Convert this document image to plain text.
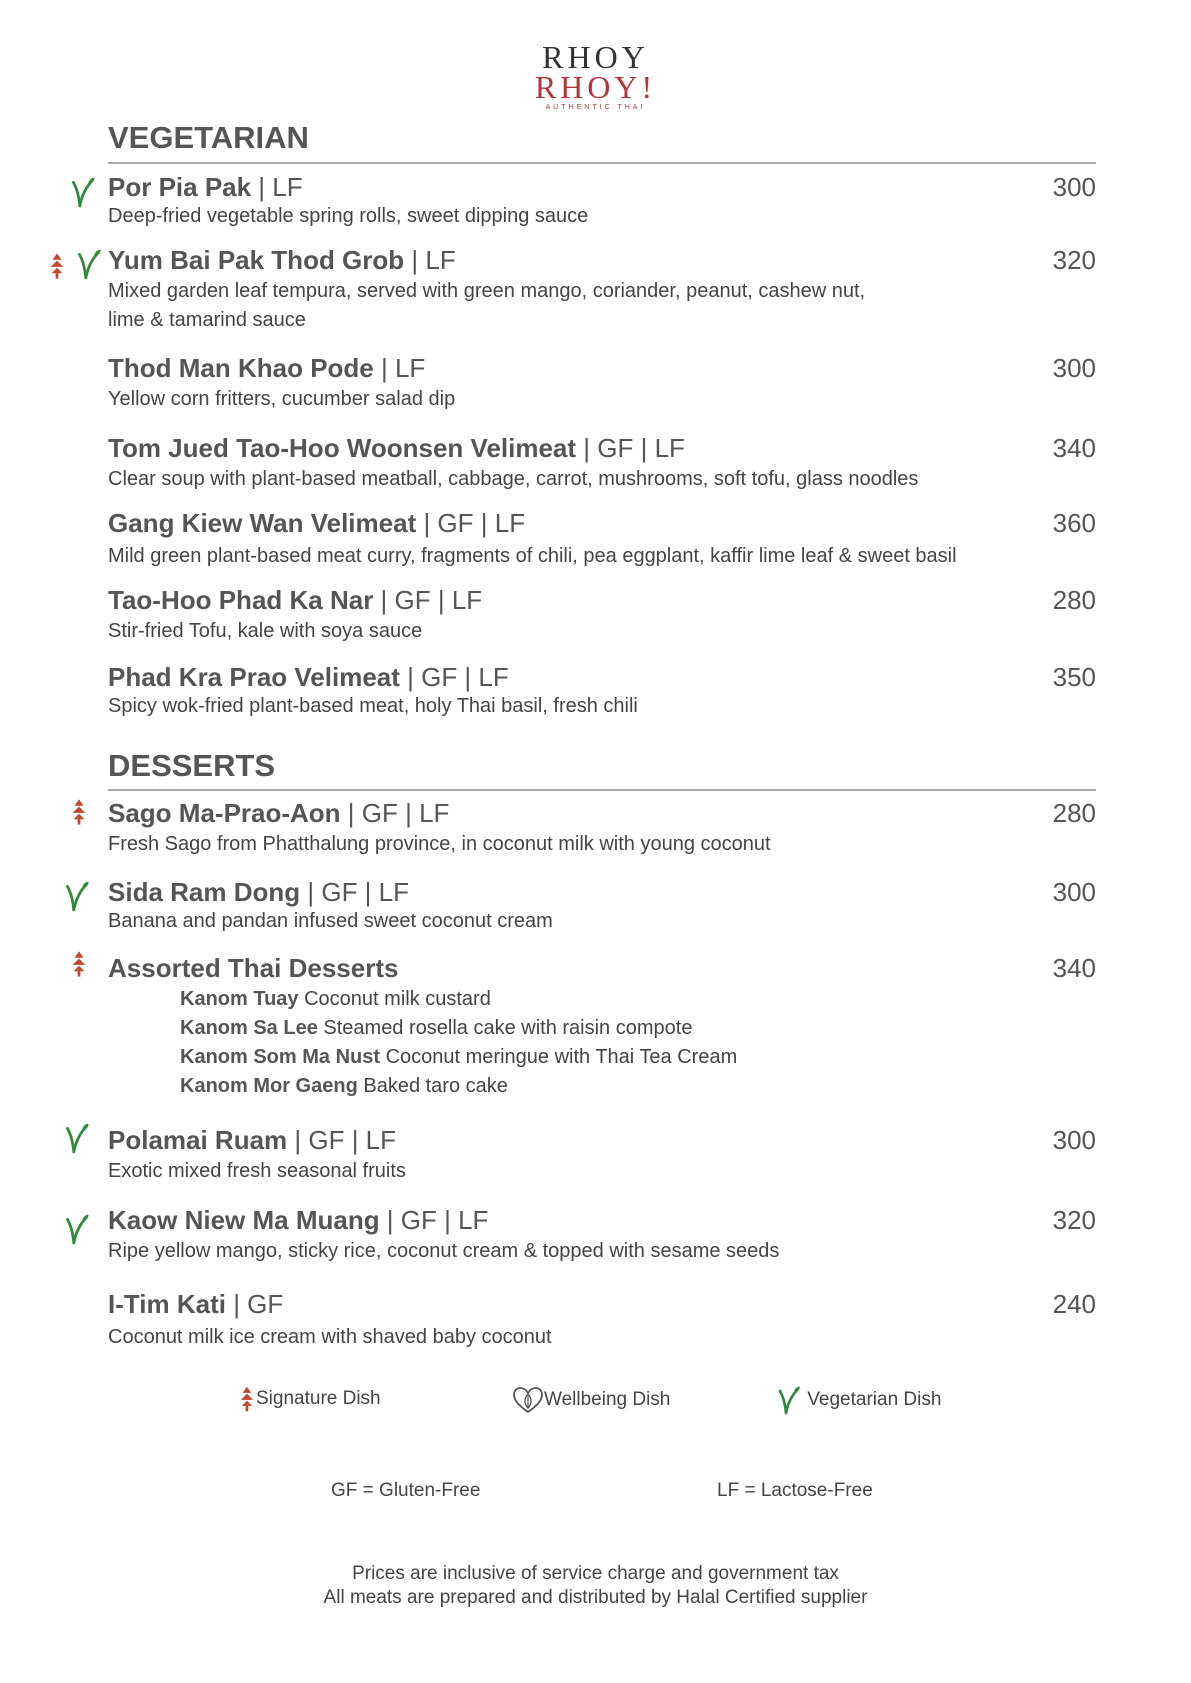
RHOY
RHOY!
AUTHENTIC THAI
VEGETARIAN
Por Pia Pak | LF
Deep-fried vegetable spring rolls, sweet dipping sauce
300
Yum Bai Pak Thod Grob | LF
Mixed garden leaf tempura, served with green mango, coriander, peanut, cashew nut,
lime & tamarind sauce
320
Thod Man Khao Pode | LF
Yellow corn fritters, cucumber salad dip
300
Tom Jued Tao-Hoo Woonsen Velimeat | GF | LF
Clear soup with plant-based meatball, cabbage, carrot, mushrooms, soft tofu, glass noodles
340
Gang Kiew Wan Velimeat | GF | LF
Mild green plant-based meat curry, fragments of chili, pea eggplant, kaffir lime leaf & sweet basil
360
Tao-Hoo Phad Ka Nar | GF | LF
Stir-fried Tofu, kale with soya sauce
280
Phad Kra Prao Velimeat | GF | LF
Spicy wok-fried plant-based meat, holy Thai basil, fresh chili
350
DESSERTS
Sago Ma-Prao-Aon | GF | LF
Fresh Sago from Phatthalung province, in coconut milk with young coconut
280
Sida Ram Dong | GF | LF
Banana and pandan infused sweet coconut cream
300
Assorted Thai Desserts
Kanom Tuay Coconut milk custard
Kanom Sa Lee Steamed rosella cake with raisin compote
Kanom Som Ma Nust Coconut meringue with Thai Tea Cream
Kanom Mor Gaeng Baked taro cake
340
Polamai Ruam | GF | LF
Exotic mixed fresh seasonal fruits
300
Kaow Niew Ma Muang | GF | LF
Ripe yellow mango, sticky rice, coconut cream & topped with sesame seeds
320
I-Tim Kati | GF
Coconut milk ice cream with shaved baby coconut
240
Signature Dish	Wellbeing Dish	Vegetarian Dish
GF = Gluten-Free	LF = Lactose-Free
Prices are inclusive of service charge and government tax
All meats are prepared and distributed by Halal Certified supplier
